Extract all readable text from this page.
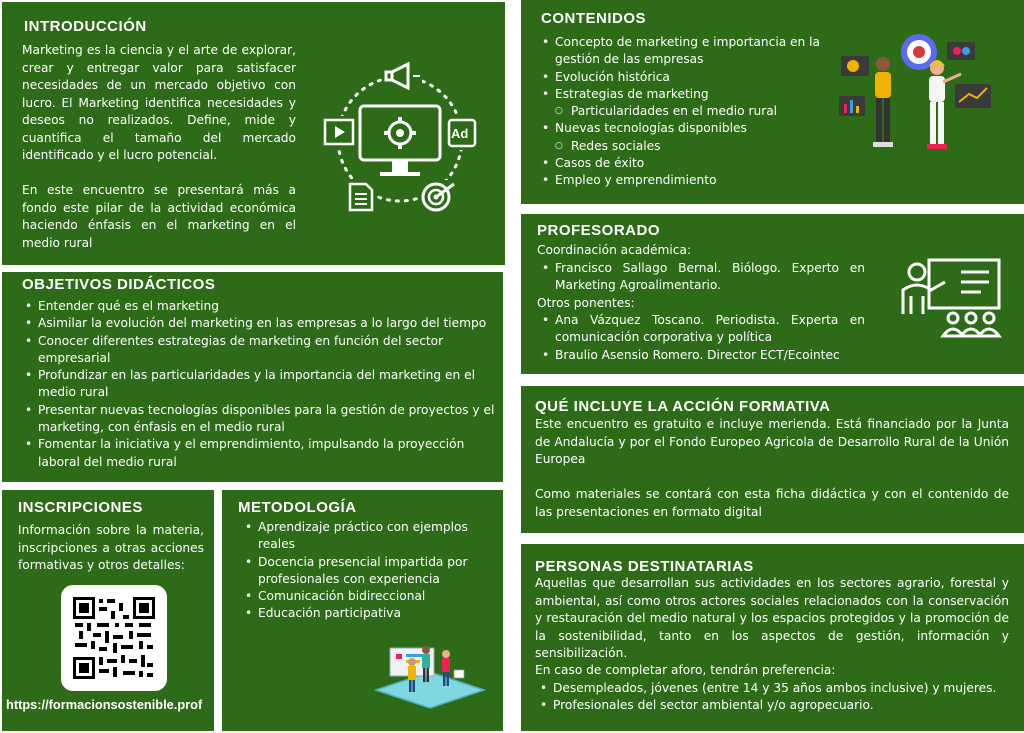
INTRODUCCIÓN
Marketing es la ciencia y el arte de explorar, crear y entregar valor para satisfacer necesidades de un mercado objetivo con lucro. El Marketing identifica necesidades y deseos no realizados. Define, mide y cuantifica el tamaño del mercado identificado y el lucro potencial.
En este encuentro se presentará más a fondo este pilar de la actividad económica haciendo énfasis en el marketing en el medio rural
Ad
CONTENIDOS
• Concepto de marketing e importancia en la gestión de las empresas
• Evolución histórica
• Estrategias de marketing
○ Particularidades en el medio rural
• Nuevas tecnologías disponibles
○ Redes sociales
• Casos de éxito
• Empleo y emprendimiento
OBJETIVOS DIDÁCTICOS
• Entender qué es el marketing
• Asimilar la evolución del marketing en las empresas a lo largo del tiempo
• Conocer diferentes estrategias de marketing en función del sector empresarial
• Profundizar en las particularidades y la importancia del marketing en el medio rural
• Presentar nuevas tecnologías disponibles para la gestión de proyectos y el marketing, con énfasis en el medio rural
• Fomentar la iniciativa y el emprendimiento, impulsando la proyección laboral del medio rural
PROFESORADO
Coordinación académica:
• Francisco Sallago Bernal. Biólogo. Experto en Marketing Agroalimentario.
Otros ponentes:
• Ana Vázquez Toscano. Periodista. Experta en comunicación corporativa y política
• Braulio Asensio Romero. Director ECT/Ecointec
QUÉ INCLUYE LA ACCIÓN FORMATIVA
Este encuentro es gratuito e incluye merienda. Está financiado por la Junta de Andalucía y por el Fondo Europeo Agricola de Desarrollo Rural de la Unión Europea
Como materiales se contará con esta ficha didáctica y con el contenido de las presentaciones en formato digital
INSCRIPCIONES
Información sobre la materia, inscripciones a otras acciones formativas y otros detalles:
https://formacionsostenible.prof
METODOLOGÍA
• Aprendizaje práctico con ejemplos reales
• Docencia presencial impartida por profesionales con experiencia
• Comunicación bidireccional
• Educación participativa
PERSONAS DESTINATARIAS
Aquellas que desarrollan sus actividades en los sectores agrario, forestal y ambiental, así como otros actores sociales relacionados con la conservación y restauración del medio natural y los espacios protegidos y la promoción de la sostenibilidad, tanto en los aspectos de gestión, información y sensibilización.
En caso de completar aforo, tendrán preferencia:
• Desempleados, jóvenes (entre 14 y 35 años ambos inclusive) y mujeres.
• Profesionales del sector ambiental y/o agropecuario.
